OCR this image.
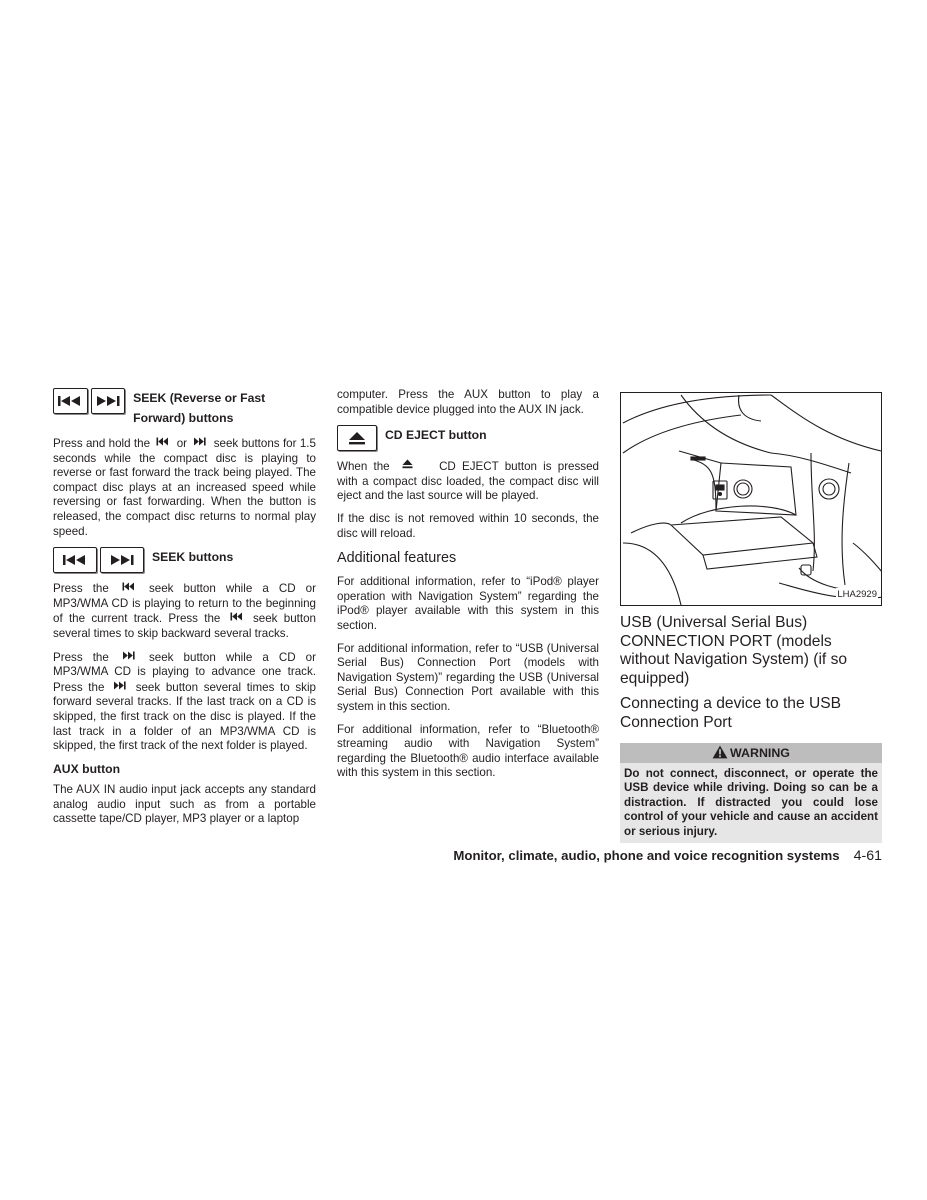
SEEK (Reverse or Fast Forward) buttons

Press and hold the or seek buttons for 1.5 seconds while the compact disc is playing to reverse or fast forward the track being played. The compact disc plays at an increased speed while reversing or fast forwarding. When the button is released, the compact disc returns to normal play speed.

SEEK buttons

Press the	seek button while a CD or MP3/WMA CD is playing to return to the beginning of the current track. Press the	seek button several times to skip backward several tracks.

Press the	seek button while a CD or MP3/WMA CD is playing to advance one track. Press the	seek button several times to skip forward several tracks. If the last track on a CD is skipped, the first track on the disc is played. If the last track in a folder of an MP3/WMA CD is skipped, the first track of the next folder is played.

AUX button

The AUX IN audio input jack accepts any standard analog audio input such as from a portable cassette tape/CD player, MP3 player or a laptop

computer. Press the AUX button to play a compatible device plugged into the AUX IN jack.

CD EJECT button

When the	CD EJECT button is pressed with a compact disc loaded, the compact disc will eject and the last source will be played.

If the disc is not removed within 10 seconds, the disc will reload.

Additional features

For additional information, refer to “iPod® player operation with Navigation System” regarding the iPod® player available with this system in this section.

For additional information, refer to “USB (Universal Serial Bus) Connection Port (models with Navigation System)” regarding the USB (Universal Serial Bus) Connection Port available with this system in this section.

For additional information, refer to “Bluetooth® streaming audio with Navigation System” regarding the Bluetooth® audio interface available with this system in this section.

LHA2929
USB (Universal Serial Bus) CONNECTION PORT (models without Navigation System) (if so equipped)
Connecting a device to the USB Connection Port
WARNING
Do not connect, disconnect, or operate the USB device while driving. Doing so can be a distraction. If distracted you could lose control of your vehicle and cause an accident or serious injury.
Monitor, climate, audio, phone and voice recognition systems 4-61
